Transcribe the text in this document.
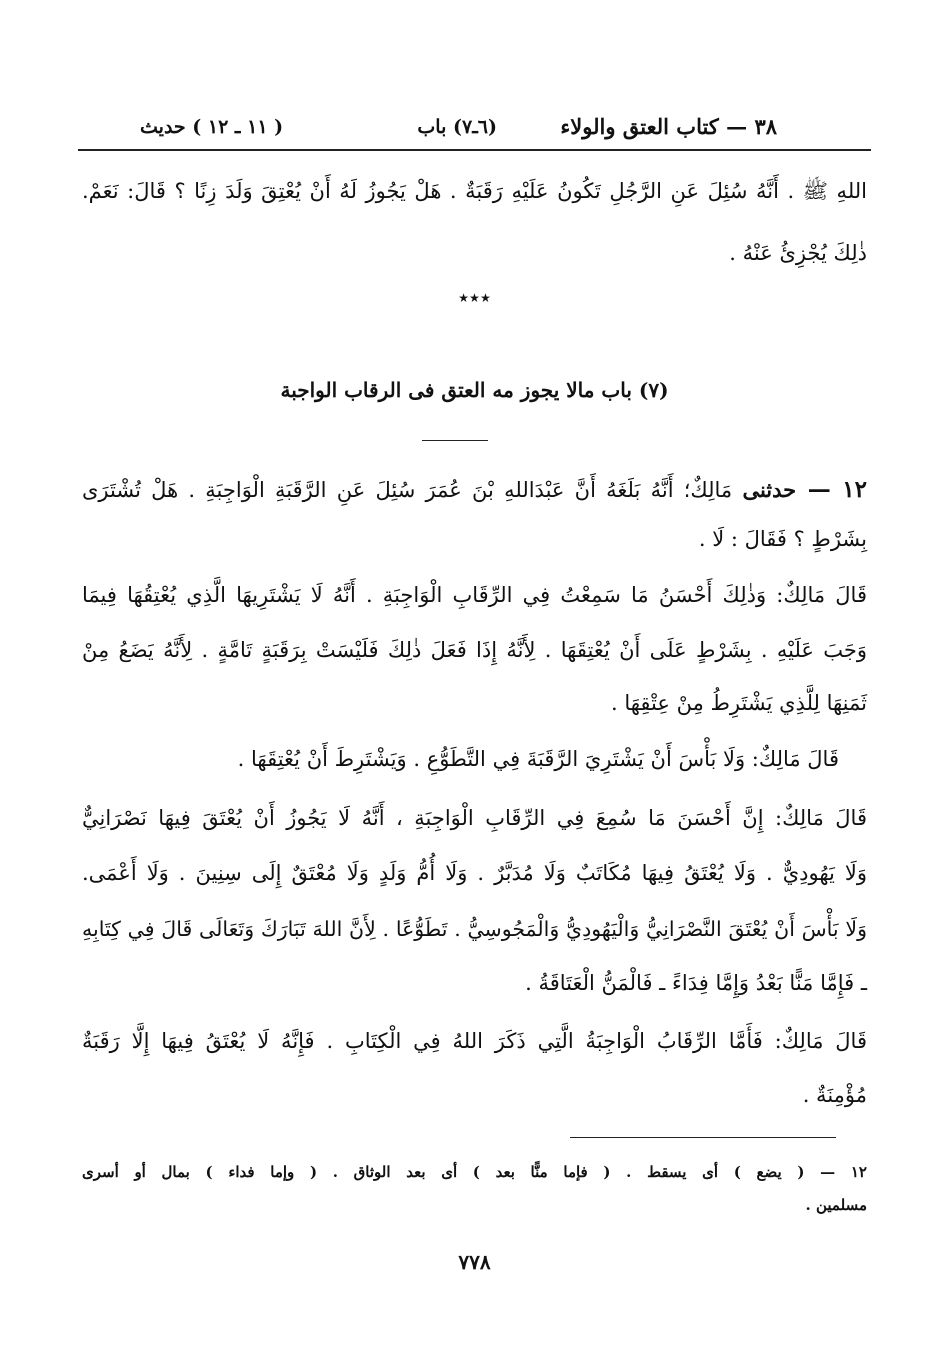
٣٨ — كتاب العتق والولاء
(٦ـ٧) باب
( ١١ ـ ١٢ ) حديث
اللهِ ﷺ . أَنَّهُ سُئِلَ عَنِ الرَّجُلِ تَكُونُ عَلَيْهِ رَقَبَةٌ . هَلْ يَجُوزُ لَهُ أَنْ يُعْتِقَ وَلَدَ زِنًا ؟ قَالَ: نَعَمْ.
ذٰلِكَ يُجْزِئُ عَنْهُ .
٭٭٭
(٧) باب مالا يجوز مه العتق فى الرقاب الواجبة
١٢ — حدثنى مَالِكٌ؛ أَنَّهُ بَلَغَهُ أَنَّ عَبْدَاللهِ بْنَ عُمَرَ سُئِلَ عَنِ الرَّقَبَةِ الْوَاجِبَةِ . هَلْ تُشْتَرَى
بِشَرْطٍ ؟ فَقَالَ : لَا .
قَالَ مَالِكٌ: وَذٰلِكَ أَحْسَنُ مَا سَمِعْتُ فِي الرِّقَابِ الْوَاجِبَةِ . أَنَّهُ لَا يَشْتَرِيهَا الَّذِي يُعْتِقُهَا فِيمَا
وَجَبَ عَلَيْهِ . بِشَرْطٍ عَلَى أَنْ يُعْتِقَهَا . لِأَنَّهُ إِذَا فَعَلَ ذٰلِكَ فَلَيْسَتْ بِرَقَبَةٍ تَامَّةٍ . لِأَنَّهُ يَضَعُ مِنْ
ثَمَنِهَا لِلَّذِي يَشْتَرِطُ مِنْ عِتْقِهَا .
قَالَ مَالِكٌ: وَلَا بَأْسَ أَنْ يَشْتَرِيَ الرَّقَبَةَ فِي التَّطَوُّعِ . وَيَشْتَرِطَ أَنْ يُعْتِقَهَا .
قَالَ مَالِكٌ: إِنَّ أَحْسَنَ مَا سُمِعَ فِي الرِّقَابِ الْوَاجِبَةِ ، أَنَّهُ لَا يَجُوزُ أَنْ يُعْتَقَ فِيهَا نَصْرَانِيٌّ
وَلَا يَهُودِيٌّ . وَلَا يُعْتَقُ فِيهَا مُكَاتَبٌ وَلَا مُدَبَّرٌ . وَلَا أُمُّ وَلَدٍ وَلَا مُعْتَقٌ إِلَى سِنِينَ . وَلَا أَعْمَى.
وَلَا بَأْسَ أَنْ يُعْتَقَ النَّصْرَانِيُّ وَالْيَهُودِيُّ وَالْمَجُوسِيُّ . تَطَوُّعًا . لِأَنَّ اللهَ تَبَارَكَ وَتَعَالَى قَالَ فِي كِتَابِهِ
ـ فَإِمَّا مَنًّا بَعْدُ وَإِمَّا فِدَاءً ـ فَالْمَنُّ الْعَتَاقَةُ .
قَالَ مَالِكٌ: فَأَمَّا الرِّقَابُ الْوَاجِبَةُ الَّتِي ذَكَرَ اللهُ فِي الْكِتَابِ . فَإِنَّهُ لَا يُعْتَقُ فِيهَا إِلَّا رَقَبَةٌ
مُؤْمِنَةٌ .
١٢ — ( يضع ) أى يسقط . ( فإما منًّا بعد ) أى بعد الوثاق . ( وإما فداء ) بمال أو أسرى
مسلمين .
٧٧٨
